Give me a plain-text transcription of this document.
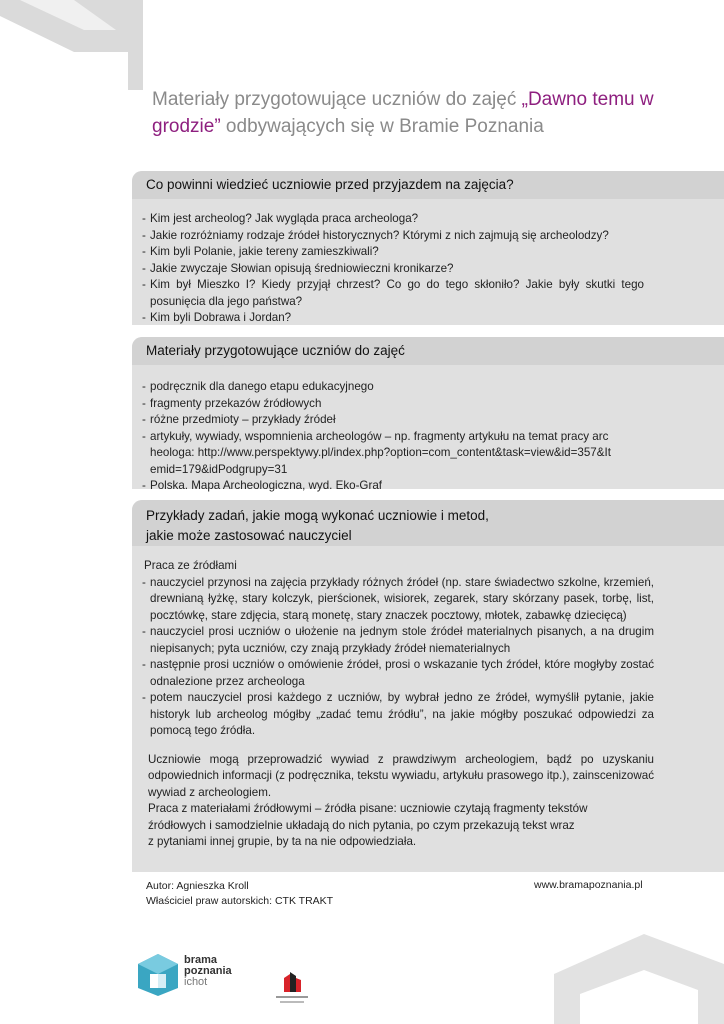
Materiały przygotowujące uczniów do zajęć „Dawno temu w grodzie” odbywających się w Bramie Poznania
Co powinni wiedzieć uczniowie przed przyjazdem na zajęcia?
- Kim jest archeolog? Jak wygląda praca archeologa?
- Jakie rozróżniamy rodzaje źródeł historycznych? Którymi z nich zajmują się archeolodzy?
- Kim byli Polanie, jakie tereny zamieszkiwali?
- Jakie zwyczaje Słowian opisują średniowieczni kronikarze?
- Kim był Mieszko I? Kiedy przyjął chrzest? Co go do tego skłoniło? Jakie były skutki tego posunięcia dla jego państwa?
- Kim byli Dobrawa i Jordan?
Materiały przygotowujące uczniów do zajęć
- podręcznik dla danego etapu edukacyjnego
- fragmenty przekazów źródłowych
- różne przedmioty – przykłady źródeł
- artykuły, wywiady, wspomnienia archeologów – np. fragmenty artykułu na temat pracy archeologa: http://www.perspektywy.pl/index.php?option=com_content&task=view&id=357&Itemid=179&idPodgrupy=31
- Polska. Mapa Archeologiczna, wyd. Eko-Graf
Przykłady zadań, jakie mogą wykonać uczniowie i metod,
jakie może zastosować nauczyciel
Praca ze źródłami
- nauczyciel przynosi na zajęcia przykłady różnych źródeł (np. stare świadectwo szkolne, krzemień, drewnianą łyżkę, stary kolczyk, pierścionek, wisiorek, zegarek, stary skórzany pasek, torbę, list, pocztówkę, stare zdjęcia, starą monetę, stary znaczek pocztowy, młotek, zabawkę dziecięcą)
- nauczyciel prosi uczniów o ułożenie na jednym stole źródeł materialnych pisanych, a na drugim niepisanych; pyta uczniów, czy znają przykłady źródeł niematerialnych
- następnie prosi uczniów o omówienie źródeł, prosi o wskazanie tych źródeł, które mogłyby zostać odnalezione przez archeologa
- potem nauczyciel prosi każdego z uczniów, by wybrał jedno ze źródeł, wymyślił pytanie, jakie historyk lub archeolog mógłby „zadać temu źródłu”, na jakie mógłby poszukać odpowiedzi za pomocą tego źródła.

Uczniowie mogą przeprowadzić wywiad z prawdziwym archeologiem, bądź po uzyskaniu odpowiednich informacji (z podręcznika, tekstu wywiadu, artykułu prasowego itp.), zainscenizować wywiad z archeologiem.

Praca z materiałami źródłowymi – źródła pisane: uczniowie czytają fragmenty tekstów
źródłowych i samodzielnie układają do nich pytania, po czym przekazują tekst wraz
z pytaniami innej grupie, by ta na nie odpowiedziała.

Autor: Agnieszka Kroll
Właściciel praw autorskich: CTK TRAKT
www.bramapoznania.pl
brama
poznania
ichot
